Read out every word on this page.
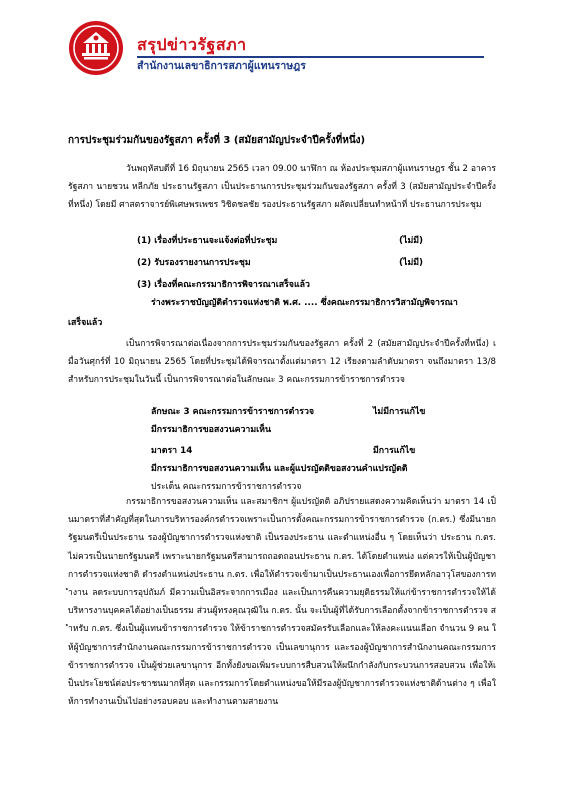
สรุปข่าวรัฐสภา
สำนักงานเลขาธิการสภาผู้แทนราษฎร
การประชุมร่วมกันของรัฐสภา ครั้งที่ 3 (สมัยสามัญประจำปีครั้งที่หนึ่ง)

วันพฤหัสบดีที่ 16 มิถุนายน 2565 เวลา 09.00 นาฬิกา ณ ห้องประชุมสภาผู้แทนราษฎร ชั้น 2 อาคารรัฐสภา นายชวน หลีกภัย ประธานรัฐสภา เป็นประธานการประชุมร่วมกันของรัฐสภา ครั้งที่ 3 (สมัยสามัญประจำปีครั้งที่หนึ่ง) โดยมี ศาสตราจารย์พิเศษพรเพชร วิชิตชลชัย รองประธานรัฐสภา ผลัดเปลี่ยนทำหน้าที่ ประธานการประชุม

(1) เรื่องที่ประธานจะแจ้งต่อที่ประชุม	(ไม่มี)
(2) รับรองรายงานการประชุม	(ไม่มี)
(3) เรื่องที่คณะกรรมาธิการพิจารณาเสร็จแล้ว
ร่างพระราชบัญญัติตำรวจแห่งชาติ พ.ศ. .... ซึ่งคณะกรรมาธิการวิสามัญพิจารณา
เสร็จแล้ว

เป็นการพิจารณาต่อเนื่องจากการประชุมร่วมกันของรัฐสภา ครั้งที่ 2 (สมัยสามัญประจำปีครั้งที่หนึ่ง) เมื่อวันศุกร์ที่ 10 มิถุนายน 2565 โดยที่ประชุมได้พิจารณาตั้งแต่มาตรา 12 เรียงตามลำดับมาตรา จนถึงมาตรา 13/8 สำหรับการประชุมในวันนี้ เป็นการพิจารณาต่อในลักษณะ 3 คณะกรรมการข้าราชการตำรวจ

ลักษณะ 3 คณะกรรมการข้าราชการตำรวจ	ไม่มีการแก้ไข
มีกรรมาธิการขอสงวนความเห็น
มาตรา 14	มีการแก้ไข
มีกรรมาธิการขอสงวนความเห็น และผู้แปรญัตติขอสงวนคำแปรญัตติ
ประเด็น คณะกรรมการข้าราชการตำรวจ

กรรมาธิการขอสงวนความเห็น และสมาชิกฯ ผู้แปรญัตติ อภิปรายแสดงความคิดเห็นว่า มาตรา 14 เป็นมาตราที่สำคัญที่สุดในการบริหารองค์กรตำรวจเพราะเป็นการตั้งคณะกรรมการข้าราชการตำรวจ (ก.ตร.) ซึ่งมีนายกรัฐมนตรีเป็นประธาน รองผู้บัญชาการตำรวจแห่งชาติ เป็นรองประธาน และตำแหน่งอื่น ๆ โดยเห็นว่า ประธาน ก.ตร. ไม่ควรเป็นนายกรัฐมนตรี เพราะนายกรัฐมนตรีสามารถถอดถอนประธาน ก.ตร. ได้โดยตำแหน่ง แต่ควรให้เป็นผู้บัญชาการตำรวจแห่งชาติ ดำรงตำแหน่งประธาน ก.ตร. เพื่อให้ตำรวจเข้ามาเป็นประธานเองเพื่อการยึดหลักอาวุโสของการทำงาน ลดระบบการอุปถัมภ์ มีความเป็นอิสระจากการเมือง และเป็นการคืนความยุติธรรมให้แก่ข้าราชการตำรวจให้ได้บริหารงานบุคคลได้อย่างเป็นธรรม ส่วนผู้ทรงคุณวุฒิใน ก.ตร. นั้น จะเป็นผู้ที่ได้รับการเลือกตั้งจากข้าราชการตำรวจ สำหรับ ก.ตร. ซึ่งเป็นผู้แทนข้าราชการตำรวจ ให้ข้าราชการตำรวจสมัครรับเลือกและให้ลงคะแนนเลือก จำนวน 9 คน ให้ผู้บัญชาการสำนักงานคณะกรรมการข้าราชการตำรวจ เป็นเลขานุการ และรองผู้บัญชาการสำนักงานคณะกรรมการข้าราชการตำรวจ เป็นผู้ช่วยเลขานุการ อีกทั้งยังขอเพิ่มระบบการสืบสวนให้ผนึกกำลังกับกระบวนการสอบสวน เพื่อให้เป็นประโยชน์ต่อประชาชนมากที่สุด และกรรมการโดยตำแหน่งขอให้มีรองผู้บัญชาการตำรวจแห่งชาติด้านต่าง ๆ เพื่อให้การทำงานเป็นไปอย่างรอบคอบ และทำงานตามสายงาน
